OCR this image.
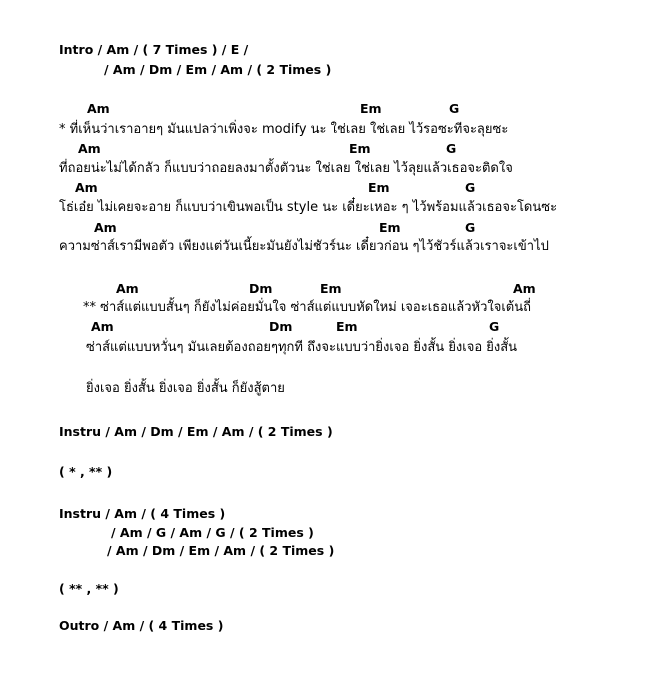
Intro / Am / ( 7 Times ) / E /
/ Am / Dm / Em / Am / ( 2 Times )
Am	Em	G
* ที่เห็นว่าเราอายๆ มันแปลว่าเพิ่งจะ modify นะ ใช่เลย ใช่เลย ไว้รอซะทีจะลุยซะ
Am	Em	G
ที่ถอยน่ะไม่ได้กลัว ก็แบบว่าถอยลงมาตั้งตัวนะ ใช่เลย ใช่เลย ไว้ลุยแล้วเธอจะติดใจ
Am	Em	G
โธ่เอ๋ย ไม่เคยจะอาย ก็แบบว่าเขินพอเป็น style นะ เดี๋ยะเหอะ ๆ ไว้พร้อมแล้วเธอจะโดนซะ
Am	Em	G
ความซ่าส์เรามีพอตัว เพียงแต่วันเนี้ยะมันยังไม่ชัวร์นะ เดี๋ยวก่อน ๆไว้ชัวร์แล้วเราจะเข้าไป
Am	Dm	Em	Am
** ซ่าส์แต่แบบสั้นๆ ก็ยังไม่ค่อยมั่นใจ ซ่าส์แต่แบบหัดใหม่ เจอะเธอแล้วหัวใจเต้นถี่
Am	Dm	Em	G
ซ่าส์แต่แบบหวั่นๆ มันเลยต้องถอยๆทุกที ถึงจะแบบว่ายิ่งเจอ ยิ่งสั้น ยิ่งเจอ ยิ่งสั้น
ยิ่งเจอ ยิ่งสั้น ยิ่งเจอ ยิ่งสั้น ก็ยังสู้ตาย
Instru / Am / Dm / Em / Am / ( 2 Times )
( * , ** )
Instru / Am / ( 4 Times )
/ Am / G / Am / G / ( 2 Times )
/ Am / Dm / Em / Am / ( 2 Times )
( ** , ** )
Outro / Am / ( 4 Times )
